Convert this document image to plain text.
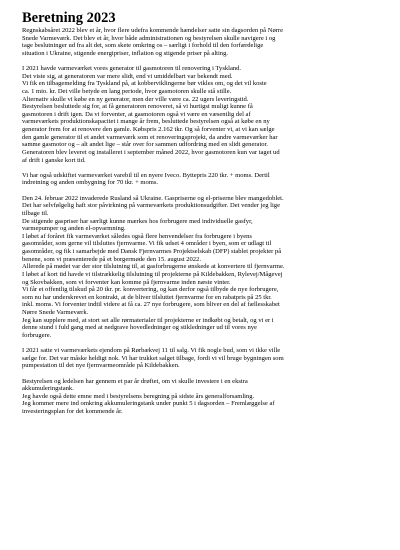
Beretning 2023

Regnskabsåret 2022 blev et år, hvor flere udefra kommende hændelser satte sin dagsorden på Nørre
Snede Varmeværk. Det blev et år, hvor både administrationen og bestyrelsen skulle navigere i og
tage beslutninger ud fra alt det, som skete omkring os – særligt i forhold til den forfærdelige
situation i Ukraine, stigende energipriser, inflation og stigende priser på alting.

I 2021 havde varmeværket vores generator til gasmotoren til renovering i Tyskland.
Det viste sig, at generatoren var mere slidt, end vi umiddelbart var bekendt med.
Vi fik en tilbagemelding fra Tyskland på, at kobberviklingerne bør vikles om, og det vil koste
ca. 1 mio. kr. Det ville betyde en lang periode, hvor gasmotoren skulle stå stille.
Alternativ skulle vi købe en ny generator, men der ville være ca. 22 ugers leveringstid.
Bestyrelsen besluttede sig for, at få generatoren renoveret, så vi hurtigst muligt kunne få
gasmotoren i drift igen. Da vi forventer, at gasmotoren også vi være en væsentlig del af
varmeværkets produktionskapacitet i mange år frem, besluttede bestyrelsen også at købe en ny
generator frem for at renovere den gamle. Købspris 2.162 tkr. Og så forventer vi, at vi kan sælge
den gamle generator til et andet varmeværk som et renoveringsprojekt, da andre varmeværker har
samme gasmotor og – alt andet lige – står over for sammen udfordring med en slidt generator.
Generatoren blev leveret og installeret i september måned 2022, hvor gasmotoren kun var taget ud
af drift i ganske kort tid.

Vi har også udskiftet varmeværket varebil til en nyere Iveco. Byttepris 220 tkr. + moms. Dertil
indretning og anden ombygning for 70 tkr. + moms.

Den 24. februar 2022 invaderede Rusland så Ukraine. Gaspriserne og el-priserne blev mangedoblet.
Det har selvfølgelig haft stor påvirkning på varmeværkets produktionsudgifter. Det vender jeg lige
tilbage til.
De stigende gaspriser har særligt kunne mærkes hos forbrugere med individuelle gasfyr,
varmepumper og anden el-opvarmning.
I løbet af foråret fik varmeværket således også flere henvendelser fra forbrugere i byens
gasområder, som gerne vil tilsluttes fjernvarme. Vi fik udset 4 områder i byen, som er udlagt til
gasområder, og fik i samarbejde med Dansk Fjernvarmes Projektselskab (DFP) stablet projekter på
benene, som vi præsenterede på et borgermøde den 15. august 2022.
Allerede på mødet var der stor tilslutning til, at gasforbrugerne ønskede at konvertere til fjernvarme.
I løbet af kort tid havde vi tilstrækkelig tilslutning til projekterne på Kildebakken, Rylevej/Mågevej
og Skovbakken, som vi forventer kan komme på fjernvarme inden næste vinter.
Vi får et offentlig tilskud på 20 tkr. pr. konvertering, og kan derfor også tilbyde de nye forbrugere,
som nu har underskrevet en kontrakt, at de bliver tilsluttet fjernvarme for en rabatpris på 25 tkr.
inkl. moms. Vi forventer indtil videre at få ca. 27 nye forbrugere, som bliver en del af fællesskabet
Nørre Snede Varmeværk.
Jeg kan supplere med, at stort set alle rørmaterialer til projekterne er indkøbt og betalt, og vi er i
denne stund i fuld gang med at nedgrave hovedledninger og stikledninger ud til vores nye
forbrugere.

I 2021 satte vi varmeværkets ejendom på Rørbækvej 11 til salg. Vi fik nogle bud, som vi ikke ville
sælge for. Det var måske heldigt nok. Vi har trukket salget tilbage, fordi vi vil bruge bygningen som
pumpestation til det nye fjernvarmeområde på Kildebakken.

Bestyrelsen og ledelsen har gennem et par år drøftet, om vi skulle investere i en ekstra
akkumuleringstank.
Jeg havde også dette emne med i bestyrelsens beregning på sidste års generalforsamling.
Jeg kommer mere ind omkring akkumuleringstank under punkt 5 i dagsorden – Fremlæggelse af
investeringsplan for det kommende år.
